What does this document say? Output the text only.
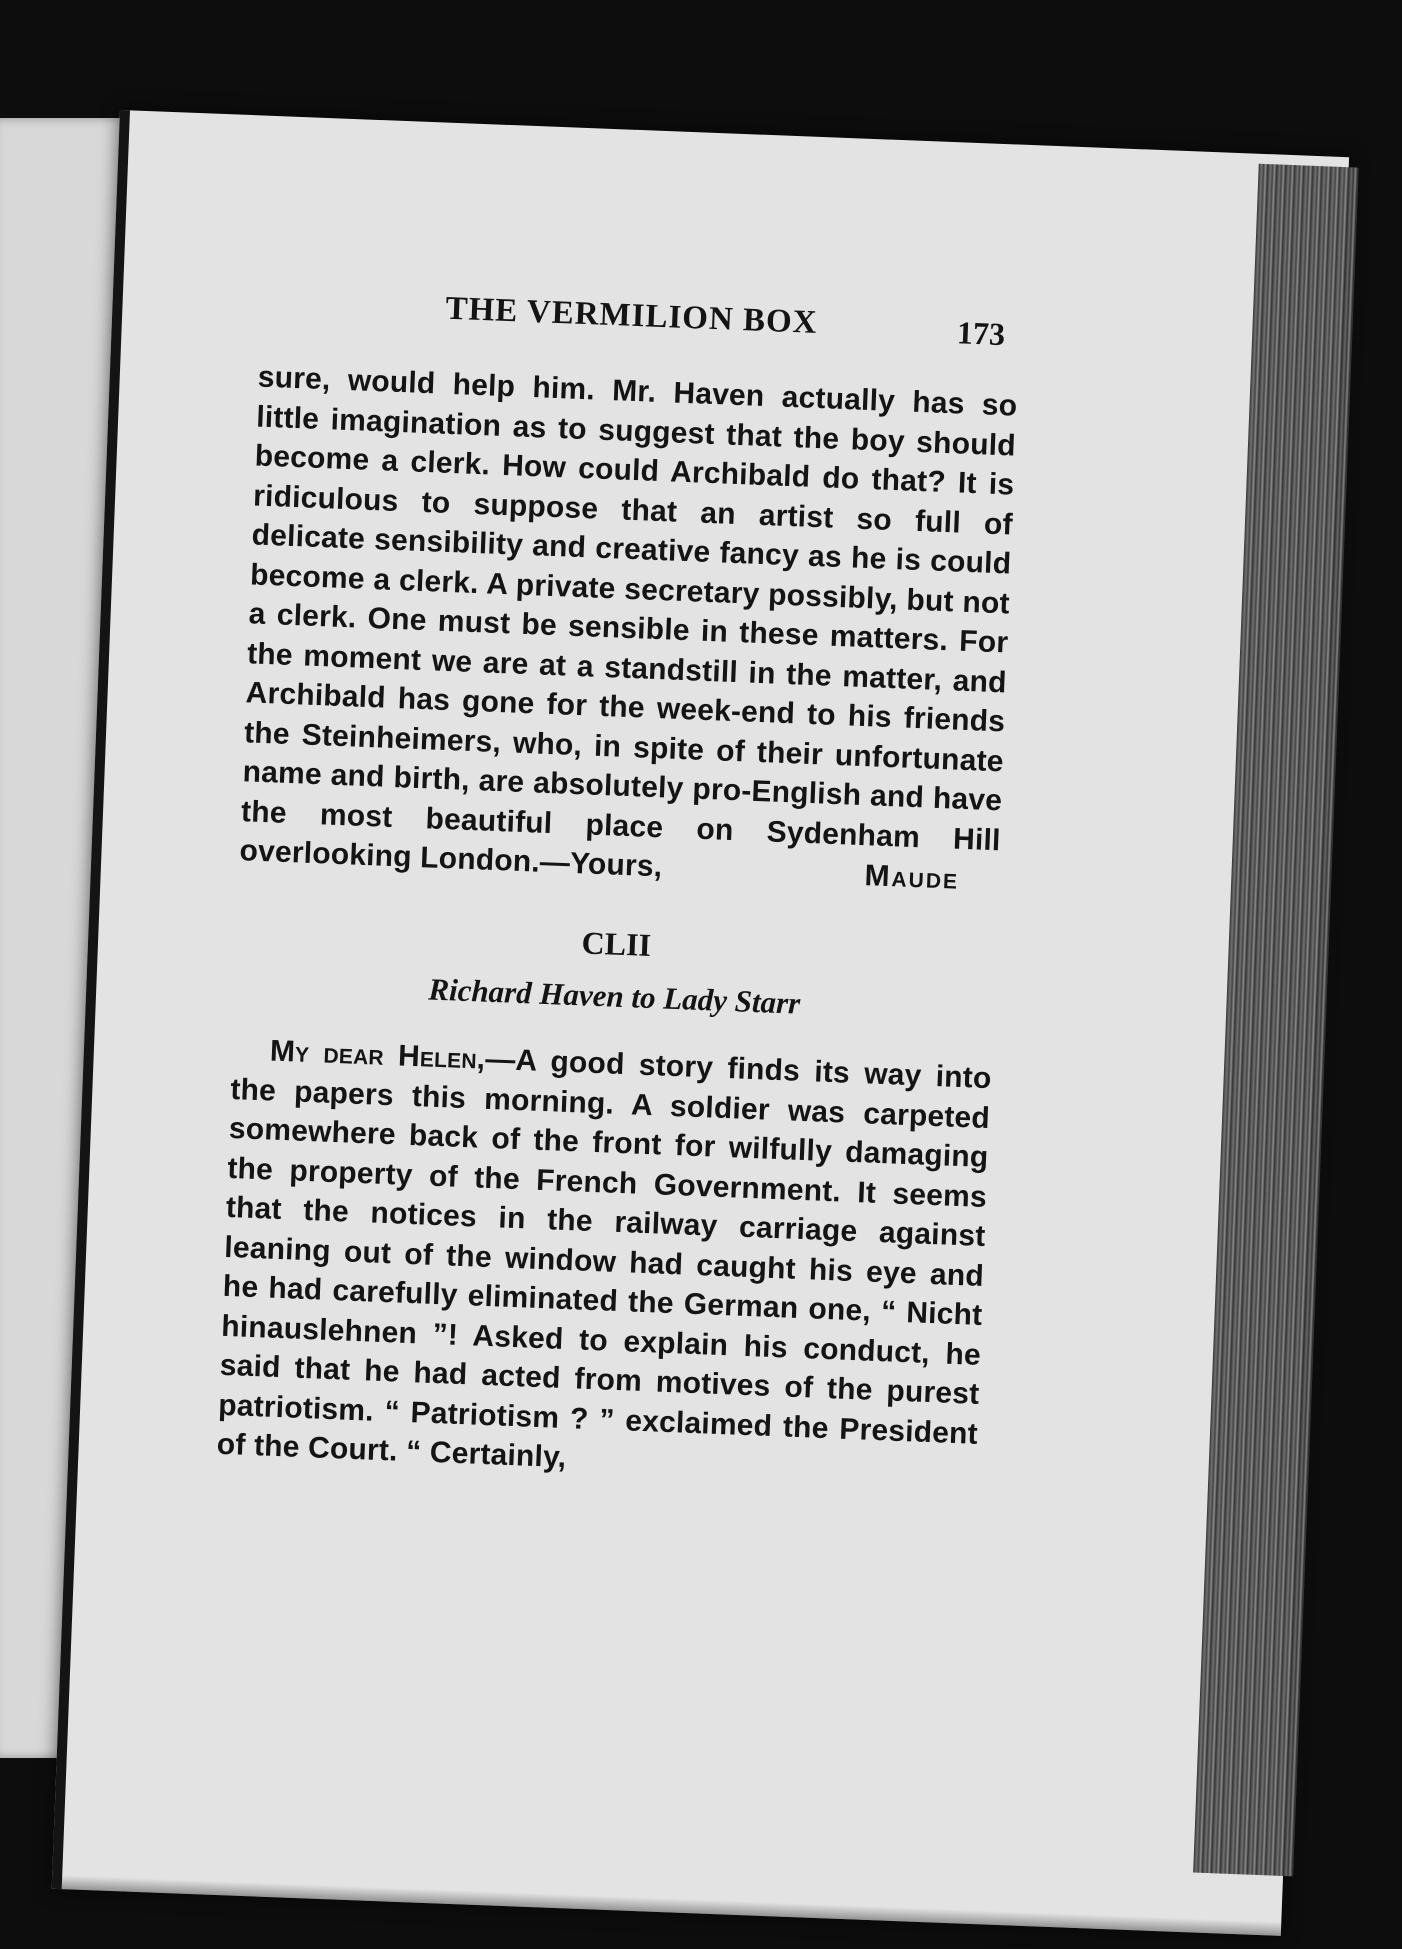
THE VERMILION BOX	173

sure, would help him. Mr. Haven actually has so little imagination as to suggest that the boy should become a clerk. How could Archibald do that? It is ridiculous to suppose that an artist so full of delicate sensibility and creative fancy as he is could become a clerk. A private secretary possibly, but not a clerk. One must be sensible in these matters. For the moment we are at a standstill in the matter, and Archibald has gone for the week-end to his friends the Steinheimers, who, in spite of their unfortunate name and birth, are absolutely pro-English and have the most beautiful place on Sydenham Hill overlooking London.—Yours,	Maude
CLII
Richard Haven to Lady Starr

My dear Helen,—A good story finds its way into the papers this morning. A soldier was carpeted somewhere back of the front for wilfully damaging the property of the French Government. It seems that the notices in the railway carriage against leaning out of the window had caught his eye and he had carefully eliminated the German one, “ Nicht hinauslehnen ”! Asked to explain his conduct, he said that he had acted from motives of the purest patriotism. “ Patriotism ? ” exclaimed the President of the Court. “ Certainly,
